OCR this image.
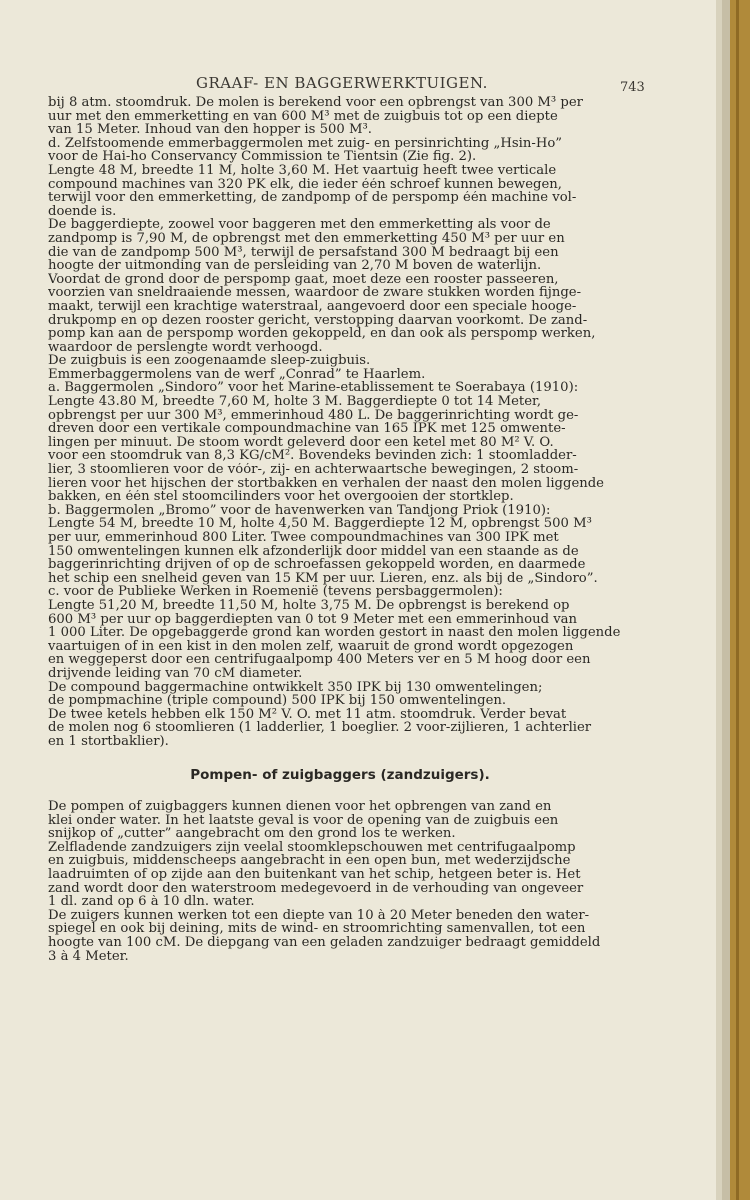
GRAAF- EN BAGGERWERKTUIGEN.	743
bij 8 atm. stoomdruk. De molen is berekend voor een opbrengst van 300 M³ per
uur met den emmerketting en van 600 M³ met de zuigbuis tot op een diepte
van 15 Meter. Inhoud van den hopper is 500 M³.
d. Zelfstoomende emmerbaggermolen met zuig- en persinrichting „Hsin-Ho”
voor de Hai-ho Conservancy Commission te Tientsin (Zie fig. 2).
Lengte 48 M, breedte 11 M, holte 3,60 M. Het vaartuig heeft twee verticale
compound machines van 320 PK elk, die ieder één schroef kunnen bewegen,
terwijl voor den emmerketting, de zandpomp of de perspomp één machine vol-
doende is.
De baggerdiepte, zoowel voor baggeren met den emmerketting als voor de
zandpomp is 7,90 M, de opbrengst met den emmerketting 450 M³ per uur en
die van de zandpomp 500 M³, terwijl de persafstand 300 M bedraagt bij een
hoogte der uitmonding van de persleiding van 2,70 M boven de waterlijn.
Voordat de grond door de perspomp gaat, moet deze een rooster passeeren,
voorzien van sneldraaiende messen, waardoor de zware stukken worden fijnge-
maakt, terwijl een krachtige waterstraal, aangevoerd door een speciale hooge-
drukpomp en op dezen rooster gericht, verstopping daarvan voorkomt. De zand-
pomp kan aan de perspomp worden gekoppeld, en dan ook als perspomp werken,
waardoor de perslengte wordt verhoogd.
De zuigbuis is een zoogenaamde sleep-zuigbuis.
Emmerbaggermolens van de werf „Conrad” te Haarlem.
a. Baggermolen „Sindoro” voor het Marine-etablissement te Soerabaya (1910):
Lengte 43.80 M, breedte 7,60 M, holte 3 M. Baggerdiepte 0 tot 14 Meter,
opbrengst per uur 300 M³, emmerinhoud 480 L. De baggerinrichting wordt ge-
dreven door een vertikale compoundmachine van 165 IPK met 125 omwente-
lingen per minuut. De stoom wordt geleverd door een ketel met 80 M² V. O.
voor een stoomdruk van 8,3 KG/cM². Bovendeks bevinden zich: 1 stoomladder-
lier, 3 stoomlieren voor de vóór-, zij- en achterwaartsche bewegingen, 2 stoom-
lieren voor het hijschen der stortbakken en verhalen der naast den molen liggende
bakken, en één stel stoomcilinders voor het overgooien der stortklep.
b. Baggermolen „Bromo” voor de havenwerken van Tandjong Priok (1910):
Lengte 54 M, breedte 10 M, holte 4,50 M. Baggerdiepte 12 M, opbrengst 500 M³
per uur, emmerinhoud 800 Liter. Twee compoundmachines van 300 IPK met
150 omwentelingen kunnen elk afzonderlijk door middel van een staande as de
baggerinrichting drijven of op de schroefassen gekoppeld worden, en daarmede
het schip een snelheid geven van 15 KM per uur. Lieren, enz. als bij de „Sindoro”.
c. voor de Publieke Werken in Roemenië (tevens persbaggermolen):
Lengte 51,20 M, breedte 11,50 M, holte 3,75 M. De opbrengst is berekend op
600 M³ per uur op baggerdiepten van 0 tot 9 Meter met een emmerinhoud van
1 000 Liter. De opgebaggerde grond kan worden gestort in naast den molen liggende
vaartuigen of in een kist in den molen zelf, waaruit de grond wordt opgezogen
en weggeperst door een centrifugaalpomp 400 Meters ver en 5 M hoog door een
drijvende leiding van 70 cM diameter.
De compound baggermachine ontwikkelt 350 IPK bij 130 omwentelingen;
de pompmachine (triple compound) 500 IPK bij 150 omwentelingen.
De twee ketels hebben elk 150 M² V. O. met 11 atm. stoomdruk. Verder bevat
de molen nog 6 stoomlieren (1 ladderlier, 1 boeglier. 2 voor-zijlieren, 1 achterlier
en 1 stortbaklier).
Pompen- of zuigbaggers (zandzuigers).
De pompen of zuigbaggers kunnen dienen voor het opbrengen van zand en
klei onder water. In het laatste geval is voor de opening van de zuigbuis een
snijkop of „cutter” aangebracht om den grond los te werken.
Zelfladende zandzuigers zijn veelal stoomklepschouwen met centrifugaalpomp
en zuigbuis, middenscheeps aangebracht in een open bun, met wederzijdsche
laadruimten of op zijde aan den buitenkant van het schip, hetgeen beter is. Het
zand wordt door den waterstroom medegevoerd in de verhouding van ongeveer
1 dl. zand op 6 à 10 dln. water.
De zuigers kunnen werken tot een diepte van 10 à 20 Meter beneden den water-
spiegel en ook bij deining, mits de wind- en stroomrichting samenvallen, tot een
hoogte van 100 cM. De diepgang van een geladen zandzuiger bedraagt gemiddeld
3 à 4 Meter.
